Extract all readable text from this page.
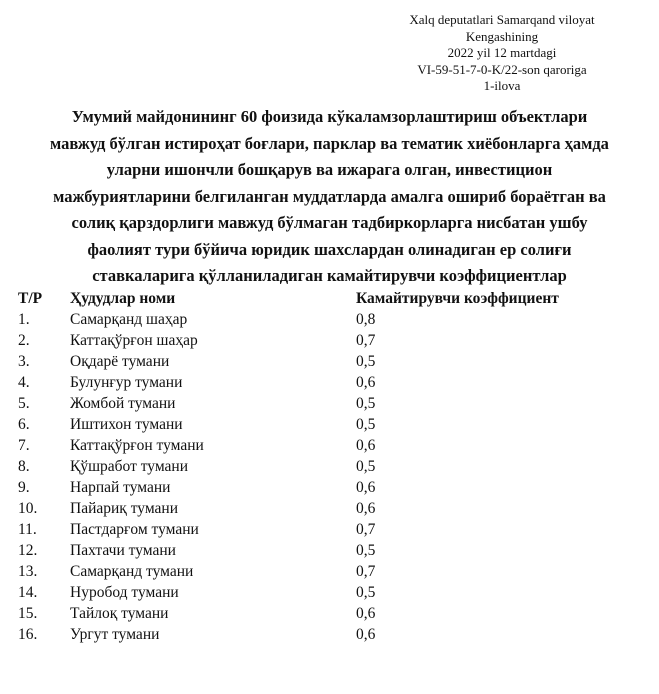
Xalq deputatlari Samarqand viloyat
Kengashining
2022 yil 12 martdagi
VI-59-51-7-0-K/22-son qarorigа
1-ilova
Умумий майдонининг 60 фоизида кўкаламзорлаштириш объектлари
мавжуд бўлган истироҳат боғлари, парклар ва тематик хиёбонларга ҳамда
уларни ишончли бошқарув ва ижарага олган, инвестицион
мажбуриятларини белгиланган муддатларда амалга ошириб бораётган ва
солиқ қарздорлиги мавжуд бўлмаган тадбиркорларга нисбатан ушбу
фаолият тури бўйича юридик шахслардан олинадиган ер солиғи
ставкаларига қўлланиладиган камайтирувчи коэффициентлар
Т/Р Ҳудудлар номи	Камайтирувчи коэффициент
1.	Самарқанд шаҳар	0,8
2.	Каттақўрғон шаҳар	0,7
3.	Оқдарё тумани	0,5
4.	Булунғур тумани	0,6
5.	Жомбой тумани	0,5
6.	Иштихон тумани	0,5
7.	Каттақўрғон тумани	0,6
8.	Қўшработ тумани	0,5
9.	Нарпай тумани	0,6
10. Пайариқ тумани	0,6
11. Пастдарғом тумани	0,7
12. Пахтачи тумани	0,5
13. Самарқанд тумани	0,7
14. Нуробод тумани	0,5
15. Тайлоқ тумани	0,6
16. Ургут тумани	0,6
